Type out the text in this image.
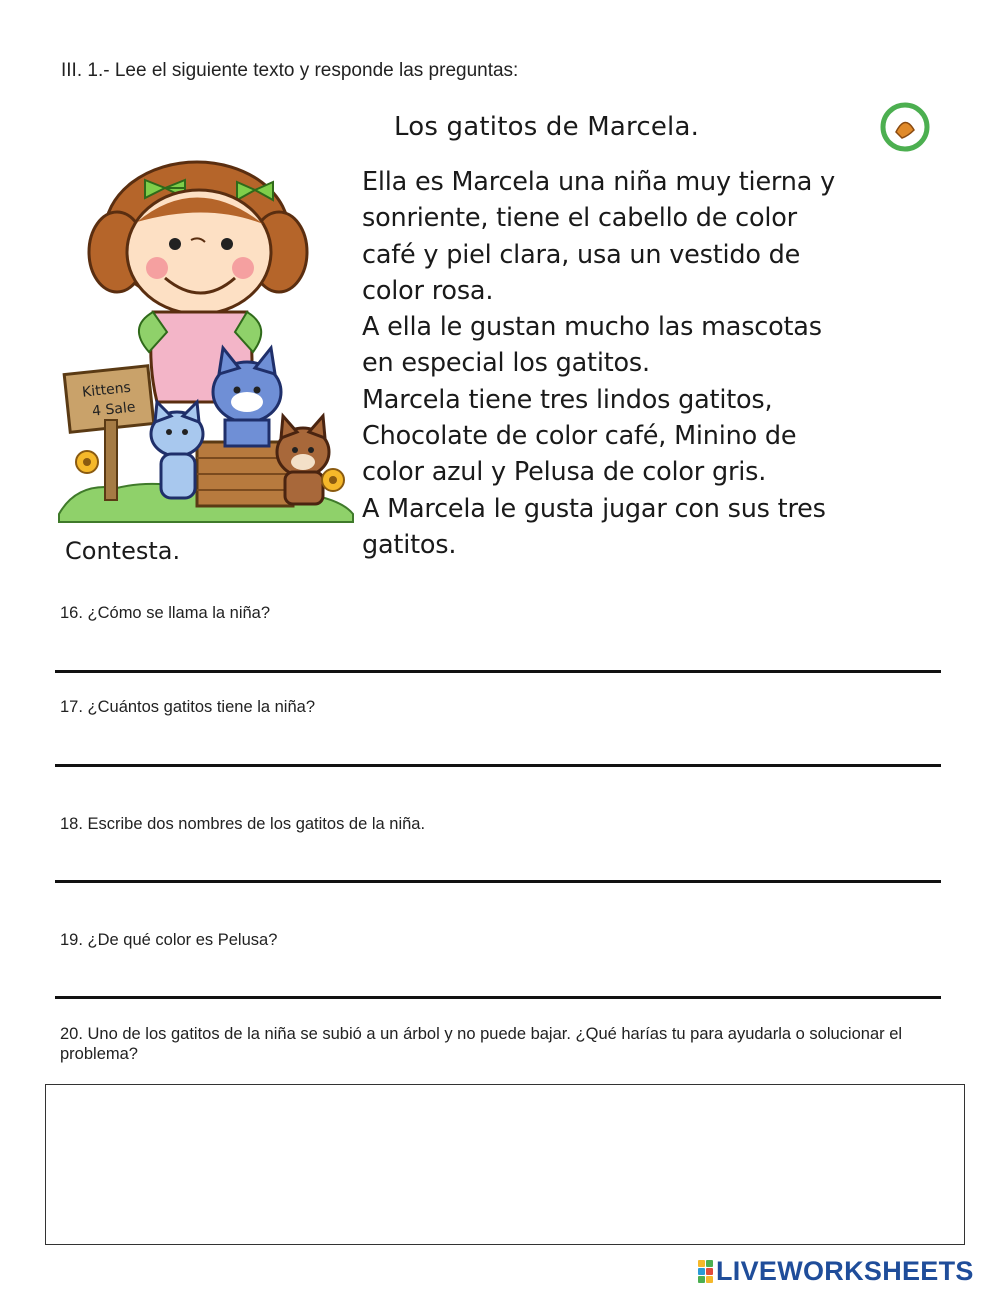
III. 1.- Lee el siguiente texto y responde las preguntas:
Kittens
4 Sale
Los gatitos de Marcela.
Ella es Marcela una niña muy tierna y
sonriente, tiene el cabello de color
café y piel clara, usa un vestido de
color rosa.
A ella le gustan mucho las mascotas
en especial los gatitos.
Marcela tiene tres lindos gatitos,
Chocolate de color café, Minino de
color azul y Pelusa de color gris.
A Marcela le gusta jugar con sus tres
gatitos.
Contesta.
16. ¿Cómo se llama la niña?
17. ¿Cuántos gatitos tiene la niña?
18. Escribe dos nombres de los gatitos de la niña.
19. ¿De qué color es Pelusa?
20. Uno de los gatitos de la niña se subió a un árbol y no puede bajar. ¿Qué harías tu para ayudarla o solucionar el problema?
LIVEWORKSHEETS
